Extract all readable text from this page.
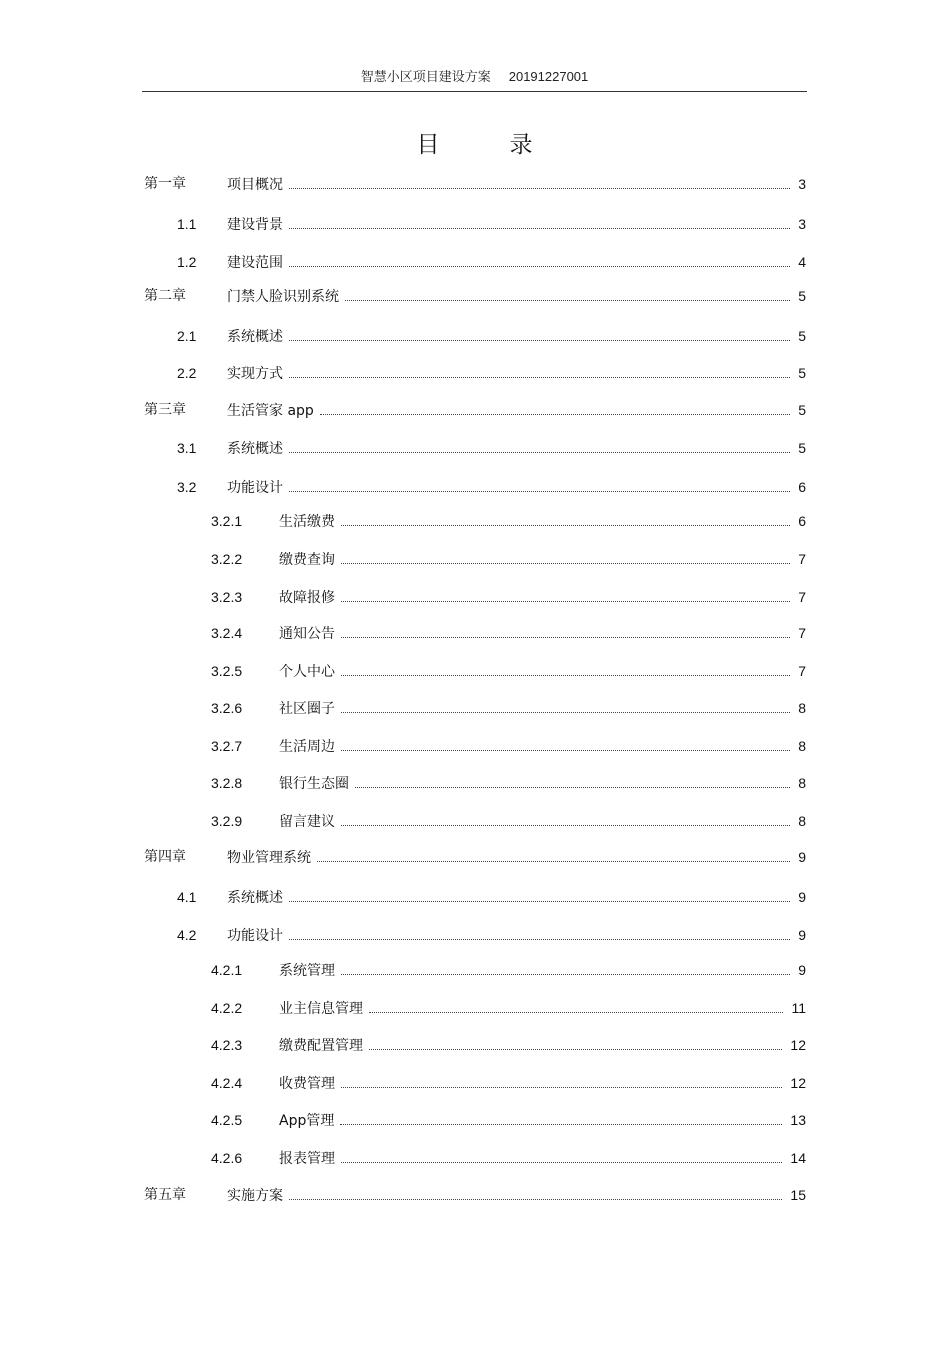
智慧小区项目建设方案 20191227001
目录
第一章	项目概况	3
1.1 建设背景	3
1.2 建设范围	4
第二章	门禁人脸识别系统	5
2.1 系统概述	5
2.2 实现方式	5
第三章	生活管家 app	5
3.1 系统概述	5
3.2 功能设计	6
3.2.1	生活缴费	6
3.2.2	缴费查询	7
3.2.3	故障报修	7
3.2.4	通知公告	7
3.2.5	个人中心	7
3.2.6	社区圈子	8
3.2.7	生活周边	8
3.2.8	银行生态圈	8
3.2.9	留言建议	8
第四章	物业管理系统	9
4.1 系统概述	9
4.2 功能设计	9
4.2.1	系统管理	9
4.2.2	业主信息管理	11
4.2.3	缴费配置管理	12
4.2.4	收费管理	12
4.2.5	App管理	13
4.2.6	报表管理	14
第五章	实施方案	15
